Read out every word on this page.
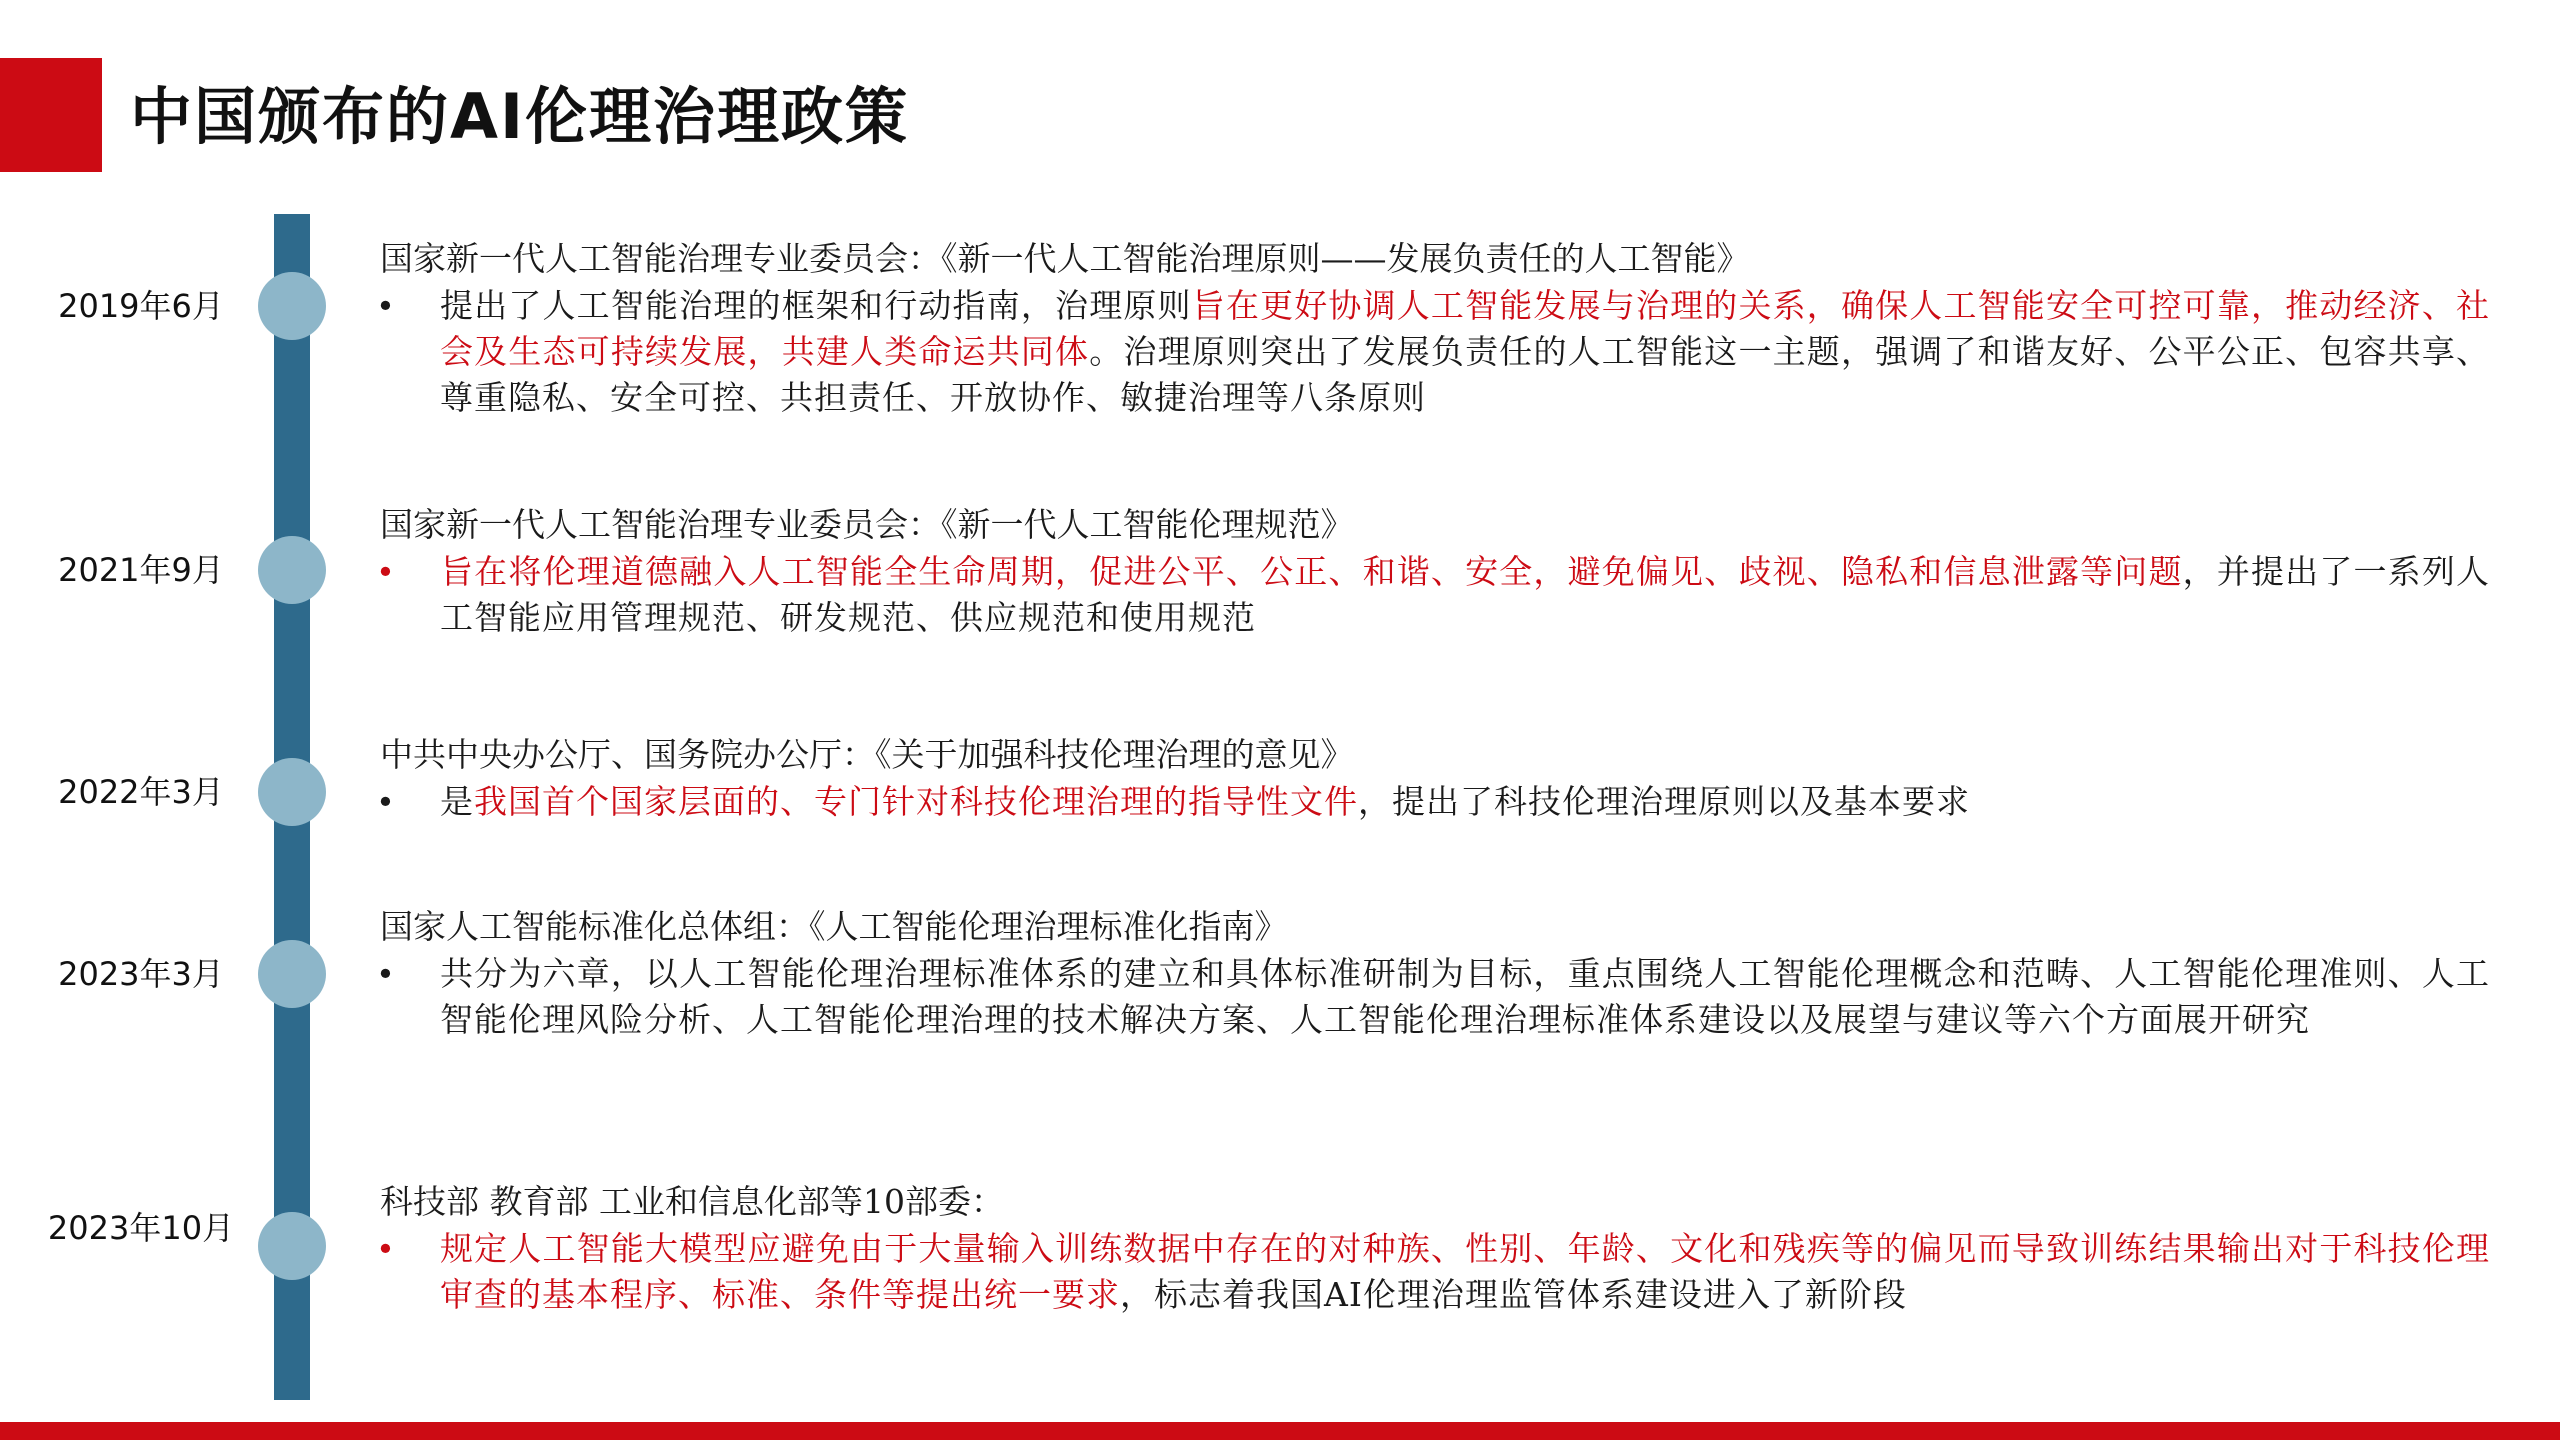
中国颁布的AI伦理治理政策
2019年6月
国家新一代人工智能治理专业委员会：《新一代人工智能治理原则——发展负责任的人工智能》
• 提出了人工智能治理的框架和行动指南，治理原则旨在更好协调人工智能发展与治理的关系，确保人工智能安全可控可靠，推动经济、社会及生态可持续发展，共建人类命运共同体。治理原则突出了发展负责任的人工智能这一主题，强调了和谐友好、公平公正、包容共享、尊重隐私、安全可控、共担责任、开放协作、敏捷治理等八条原则
2021年9月
国家新一代人工智能治理专业委员会：《新一代人工智能伦理规范》
• 旨在将伦理道德融入人工智能全生命周期，促进公平、公正、和谐、安全，避免偏见、歧视、隐私和信息泄露等问题，并提出了一系列人工智能应用管理规范、研发规范、供应规范和使用规范
2022年3月
中共中央办公厅、国务院办公厅：《关于加强科技伦理治理的意见》
• 是我国首个国家层面的、专门针对科技伦理治理的指导性文件，提出了科技伦理治理原则以及基本要求
2023年3月
国家人工智能标准化总体组：《人工智能伦理治理标准化指南》
• 共分为六章，以人工智能伦理治理标准体系的建立和具体标准研制为目标，重点围绕人工智能伦理概念和范畴、人工智能伦理准则、人工智能伦理风险分析、人工智能伦理治理的技术解决方案、人工智能伦理治理标准体系建设以及展望与建议等六个方面展开研究
2023年10月
科技部 教育部 工业和信息化部等10部委：
• 规定人工智能大模型应避免由于大量输入训练数据中存在的对种族、性别、年龄、文化和残疾等的偏见而导致训练结果输出对于科技伦理审查的基本程序、标准、条件等提出统一要求，标志着我国AI伦理治理监管体系建设进入了新阶段
